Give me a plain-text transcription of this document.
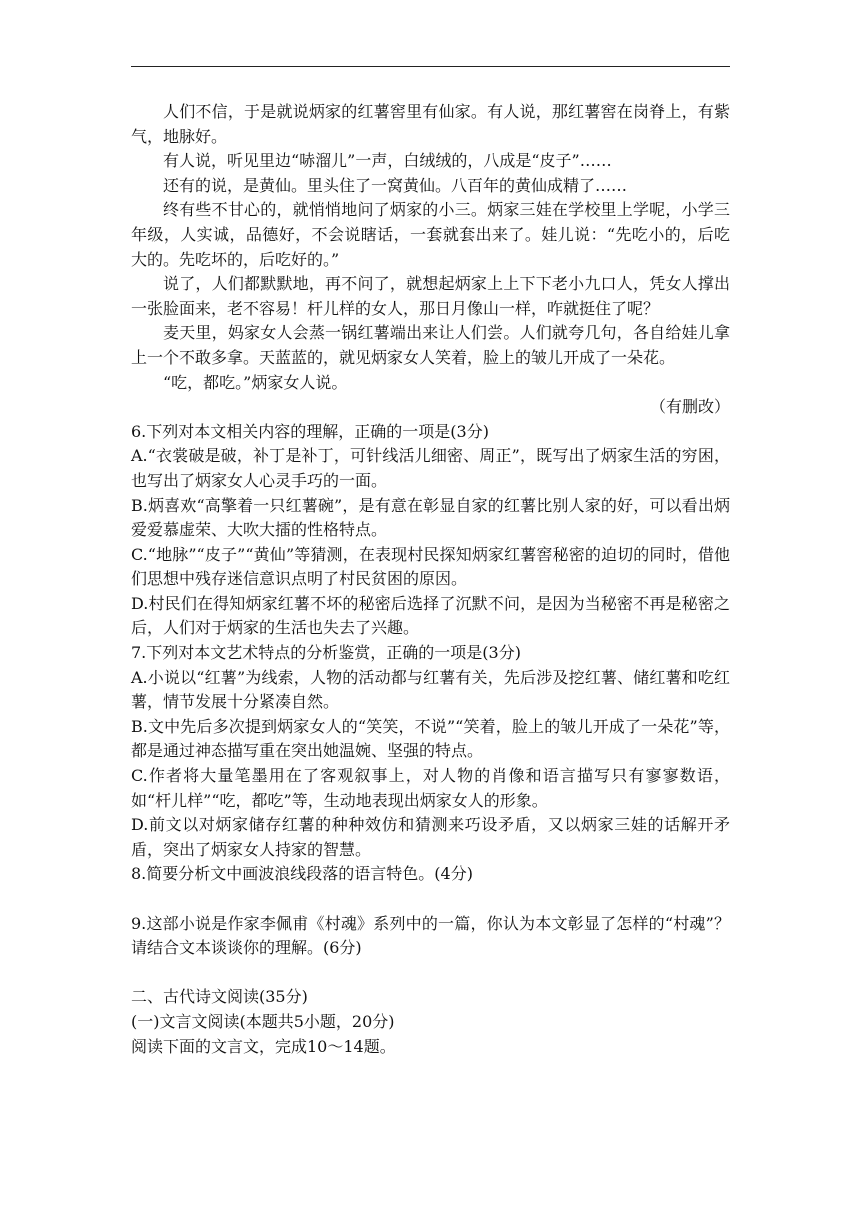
人们不信，于是就说炳家的红薯窖里有仙家。有人说，那红薯窖在岗脊上，有紫气，地脉好。

有人说，听见里边“哧溜儿”一声，白绒绒的，八成是“皮子”……

还有的说，是黄仙。里头住了一窝黄仙。八百年的黄仙成精了……

终有些不甘心的，就悄悄地问了炳家的小三。炳家三娃在学校里上学呢，小学三年级，人实诚，品德好，不会说瞎话，一套就套出来了。娃儿说：“先吃小的，后吃大的。先吃坏的，后吃好的。”

说了，人们都默默地，再不问了，就想起炳家上上下下老小九口人，凭女人撑出一张脸面来，老不容易！杆儿样的女人，那日月像山一样，咋就挺住了呢？

麦天里，妈家女人会蒸一锅红薯端出来让人们尝。人们就夸几句，各自给娃儿拿上一个不敢多拿。天蓝蓝的，就见炳家女人笑着，脸上的皱儿开成了一朵花。

“吃，都吃。”炳家女人说。

（有删改）

6.下列对本文相关内容的理解，正确的一项是(3分)

A.“衣裳破是破，补丁是补丁，可针线活儿细密、周正”，既写出了炳家生活的穷困，也写出了炳家女人心灵手巧的一面。

B.炳喜欢“高擎着一只红薯碗”，是有意在彰显自家的红薯比别人家的好，可以看出炳爱爱慕虚荣、大吹大擂的性格特点。

C.“地脉”“皮子”“黄仙”等猜测，在表现村民探知炳家红薯窖秘密的迫切的同时，借他们思想中残存迷信意识点明了村民贫困的原因。

D.村民们在得知炳家红薯不坏的秘密后选择了沉默不问，是因为当秘密不再是秘密之后，人们对于炳家的生活也失去了兴趣。

7.下列对本文艺术特点的分析鉴赏，正确的一项是(3分)

A.小说以“红薯”为线索，人物的活动都与红薯有关，先后涉及挖红薯、储红薯和吃红薯，情节发展十分紧凑自然。

B.文中先后多次提到炳家女人的“笑笑，不说”“笑着，脸上的皱儿开成了一朵花”等，都是通过神态描写重在突出她温婉、坚强的特点。

C.作者将大量笔墨用在了客观叙事上，对人物的肖像和语言描写只有寥寥数语，如“杆儿样”“吃，都吃”等，生动地表现出炳家女人的形象。

D.前文以对炳家储存红薯的种种效仿和猜测来巧设矛盾，又以炳家三娃的话解开矛盾，突出了炳家女人持家的智慧。

8.简要分析文中画波浪线段落的语言特色。(4分)

9.这部小说是作家李佩甫《村魂》系列中的一篇，你认为本文彰显了怎样的“村魂”？请结合文本谈谈你的理解。(6分)

二、古代诗文阅读(35分)

(一)文言文阅读(本题共5小题，20分)

阅读下面的文言文，完成10～14题。
